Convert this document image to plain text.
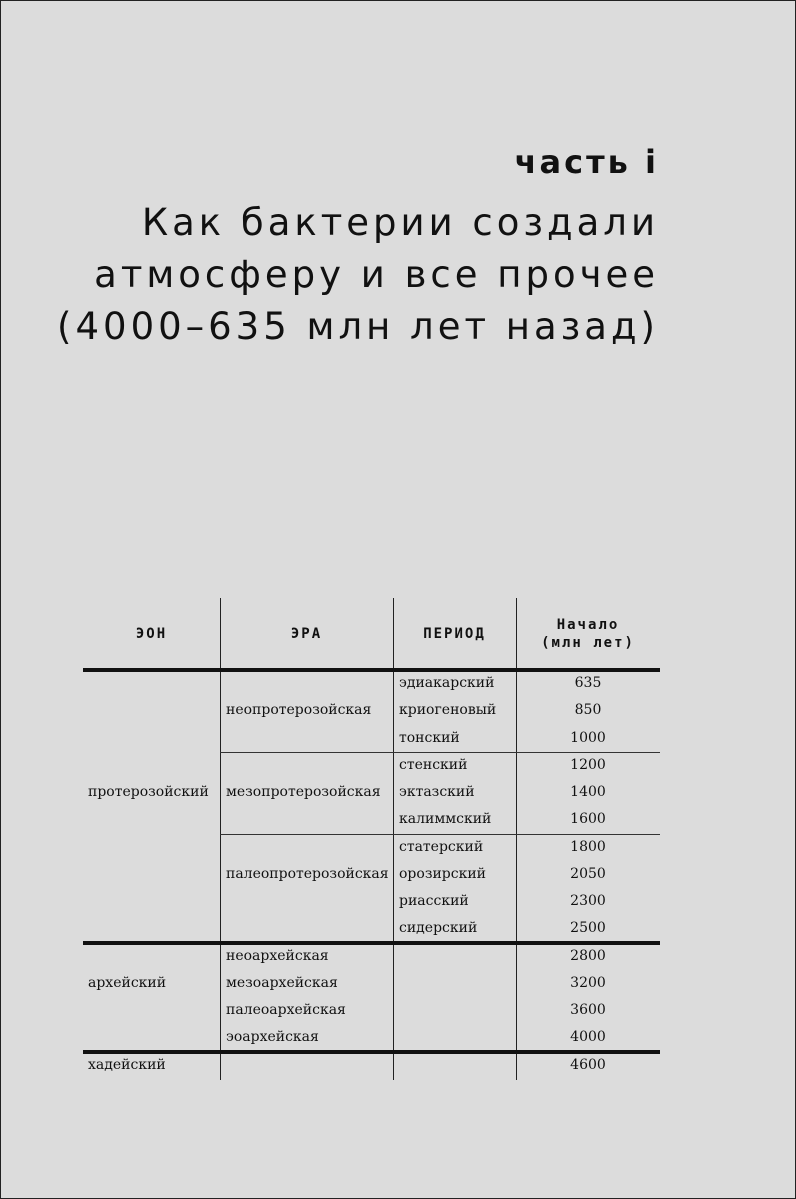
часть i
Как бактерии создали
атмосферу и все прочее
(4000–635 млн лет назад)
ЭОН	ЭРА	ПЕРИОД
Начало
(млн лет)
протерозойский
архейский
хадейский
неопротерозойская
мезопротерозойская
палеопротерозойская
неоархейская
мезоархейская
палеоархейская
эоархейская
эдиакарский
криогеновый
тонский
стенский
эктазский
калиммский
статерский
орозирский
риасский
сидерский
635
850
1000
1200
1400
1600
1800
2050
2300
2500
2800
3200
3600
4000
4600
